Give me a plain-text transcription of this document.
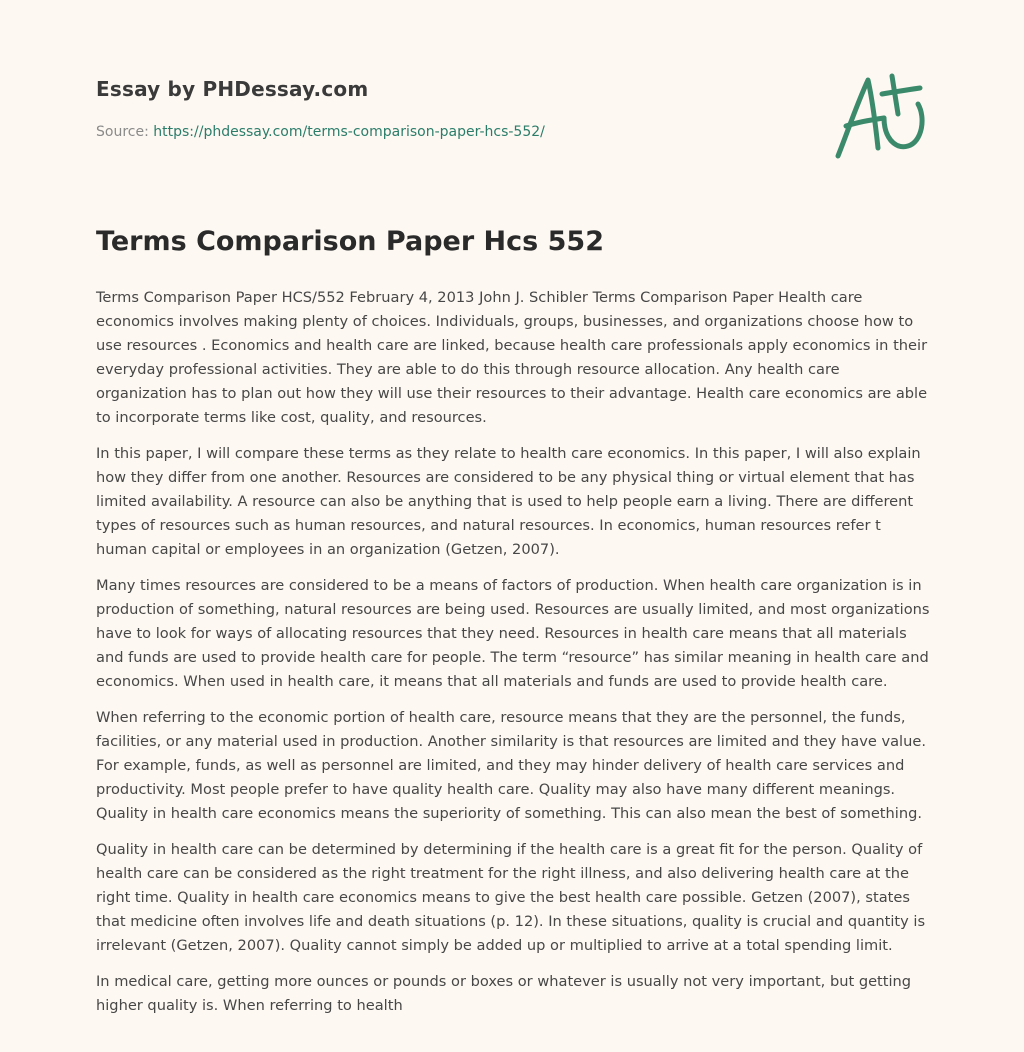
Essay by PHDessay.com
Source: https://phdessay.com/terms-comparison-paper-hcs-552/
Terms Comparison Paper Hcs 552

Terms Comparison Paper HCS/552 February 4, 2013 John J. Schibler Terms Comparison Paper Health care economics involves making plenty of choices. Individuals, groups, businesses, and organizations choose how to use resources . Economics and health care are linked, because health care professionals apply economics in their everyday professional activities. They are able to do this through resource allocation. Any health care organization has to plan out how they will use their resources to their advantage. Health care economics are able to incorporate terms like cost, quality, and resources.

In this paper, I will compare these terms as they relate to health care economics. In this paper, I will also explain how they differ from one another. Resources are considered to be any physical thing or virtual element that has limited availability. A resource can also be anything that is used to help people earn a living. There are different types of resources such as human resources, and natural resources. In economics, human resources refer t human capital or employees in an organization (Getzen, 2007).

Many times resources are considered to be a means of factors of production. When health care organization is in production of something, natural resources are being used. Resources are usually limited, and most organizations have to look for ways of allocating resources that they need. Resources in health care means that all materials and funds are used to provide health care for people. The term “resource” has similar meaning in health care and economics. When used in health care, it means that all materials and funds are used to provide health care.

When referring to the economic portion of health care, resource means that they are the personnel, the funds, facilities, or any material used in production. Another similarity is that resources are limited and they have value. For example, funds, as well as personnel are limited, and they may hinder delivery of health care services and productivity. Most people prefer to have quality health care. Quality may also have many different meanings. Quality in health care economics means the superiority of something. This can also mean the best of something.

Quality in health care can be determined by determining if the health care is a great fit for the person. Quality of health care can be considered as the right treatment for the right illness, and also delivering health care at the right time. Quality in health care economics means to give the best health care possible. Getzen (2007), states that medicine often involves life and death situations (p. 12). In these situations, quality is crucial and quantity is irrelevant (Getzen, 2007). Quality cannot simply be added up or multiplied to arrive at a total spending limit.

In medical care, getting more ounces or pounds or boxes or whatever is usually not very important, but getting higher quality is. When referring to health
